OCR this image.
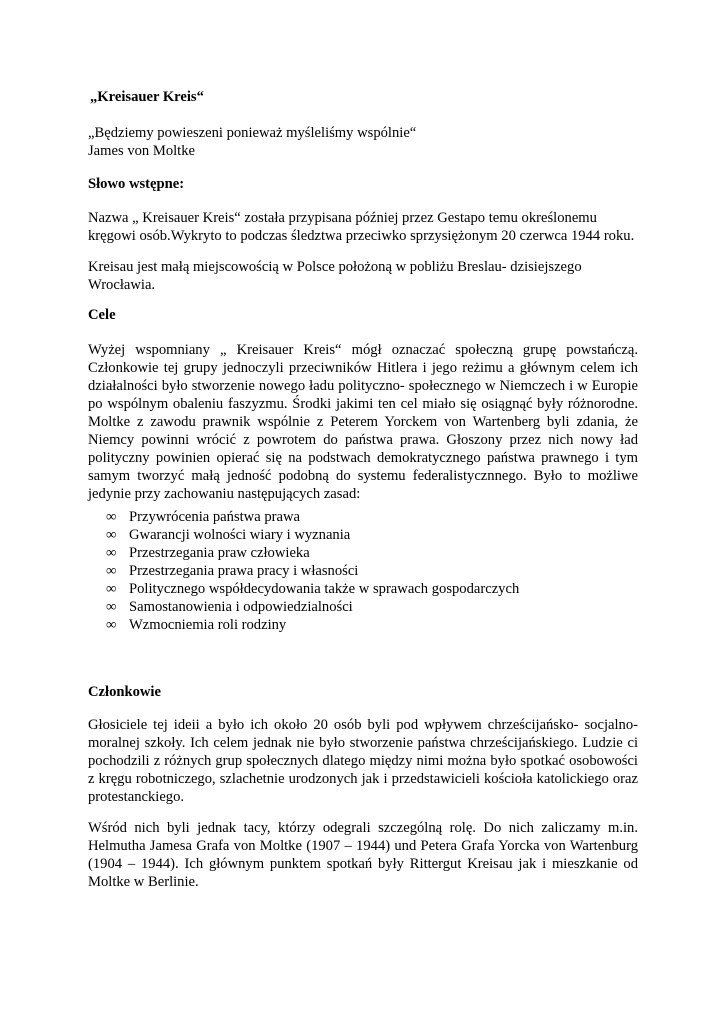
„Kreisauer Kreis“
„Będziemy powieszeni ponieważ myśleliśmy wspólnie“
James von Moltke
Słowo wstępne:
Nazwa „ Kreisauer Kreis“ została przypisana później przez Gestapo temu określonemu
kręgowi osób.Wykryto to podczas śledztwa przeciwko sprzysiężonym 20 czerwca 1944 roku.
Kreisau jest małą miejscowością w Polsce położoną w pobliżu Breslau- dzisiejszego
Wrocławia.
Cele
Wyżej wspomniany „ Kreisauer Kreis“ mógł oznaczać społeczną grupę powstańczą.
Członkowie tej grupy jednoczyli przeciwników Hitlera i jego reżimu a głównym celem ich
działalności było stworzenie nowego ładu polityczno- społecznego w Niemczech i w Europie
po wspólnym obaleniu faszyzmu. Środki jakimi ten cel miało się osiągnąć były różnorodne.
Moltke z zawodu prawnik wspólnie z Peterem Yorckem von Wartenberg byli zdania, że
Niemcy powinni wrócić z powrotem do państwa prawa. Głoszony przez nich nowy ład
polityczny powinien opierać się na podstwach demokratycznego państwa prawnego i tym
samym tworzyć małą jedność podobną do systemu federalistycznnego. Było to możliwe
jedynie przy zachowaniu następujących zasad:
∞ Przywrócenia państwa prawa
∞ Gwarancji wolności wiary i wyznania
∞ Przestrzegania praw człowieka
∞ Przestrzegania prawa pracy i własności
∞ Politycznego współdecydowania także w sprawach gospodarczych
∞ Samostanowienia i odpowiedzialności
∞ Wzmocniemia roli rodziny
Członkowie
Głosiciele tej ideii a było ich około 20 osób byli pod wpływem chrześcijańsko- socjalno-
moralnej szkoły. Ich celem jednak nie było stworzenie państwa chrześcijańskiego. Ludzie ci
pochodzili z różnych grup społecznych dlatego między nimi można było spotkać osobowości
z kręgu robotniczego, szlachetnie urodzonych jak i przedstawicieli kościoła katolickiego oraz
protestanckiego.
Wśród nich byli jednak tacy, którzy odegrali szczególną rolę. Do nich zaliczamy m.in.
Helmutha Jamesa Grafa von Moltke (1907 – 1944) und Petera Grafa Yorcka von Wartenburg
(1904 – 1944). Ich głównym punktem spotkań były Rittergut Kreisau jak i mieszkanie od
Moltke w Berlinie.
